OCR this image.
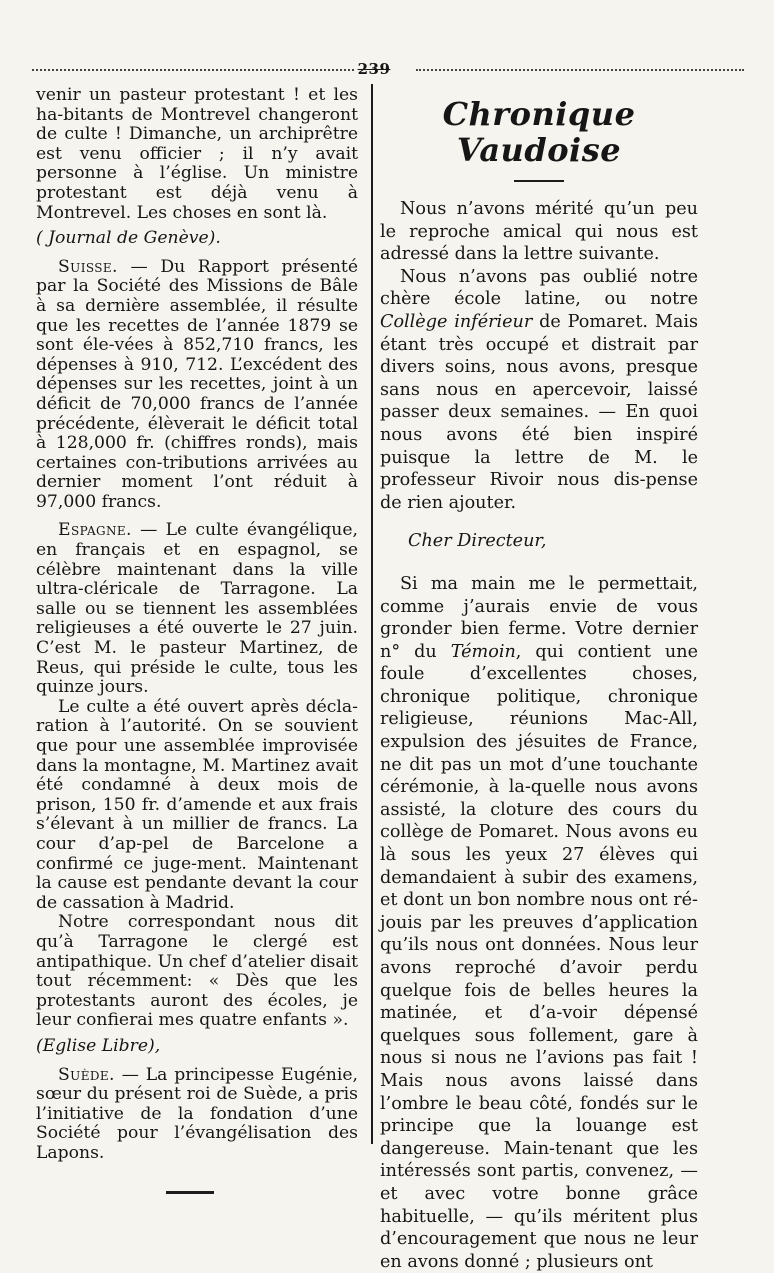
239

venir un pasteur protestant ! et les ha-bitants de Montrevel changeront de culte ! Dimanche, un archiprêtre est venu officier ; il n’y avait personne à l’église. Un ministre protestant est déjà venu à Montrevel. Les choses en sont là.

( Journal de Genève).

Suisse. — Du Rapport présenté par la Société des Missions de Bâle à sa dernière assemblée, il résulte que les recettes de l’année 1879 se sont éle-vées à 852,710 francs, les dépenses à 910, 712. L’excédent des dépenses sur les recettes, joint à un déficit de 70,000 francs de l’année précédente, élèverait le déficit total à 128,000 fr. (chiffres ronds), mais certaines con-tributions arrivées au dernier moment l’ont réduit à 97,000 francs.

Espagne. — Le culte évangélique, en français et en espagnol, se célèbre maintenant dans la ville ultra-cléricale de Tarragone. La salle ou se tiennent les assemblées religieuses a été ouverte le 27 juin. C’est M. le pasteur Martinez, de Reus, qui préside le culte, tous les quinze jours.

Le culte a été ouvert après décla-ration à l’autorité. On se souvient que pour une assemblée improvisée dans la montagne, M. Martinez avait été condamné à deux mois de prison, 150 fr. d’amende et aux frais s’élevant à un millier de francs. La cour d’ap-pel de Barcelone a confirmé ce juge-ment. Maintenant la cause est pendante devant la cour de cassation à Madrid.

Notre correspondant nous dit qu’à Tarragone le clergé est antipathique. Un chef d’atelier disait tout récemment: « Dès que les protestants auront des écoles, je leur confierai mes quatre enfants ».

(Eglise Libre),

Suède. — La principesse Eugénie, sœur du présent roi de Suède, a pris l’initiative de la fondation d’une Société pour l’évangélisation des Lapons.

Chronique Vaudoise

Nous n’avons mérité qu’un peu le reproche amical qui nous est adressé dans la lettre suivante.

Nous n’avons pas oublié notre chère école latine, ou notre Collège inférieur de Pomaret. Mais étant très occupé et distrait par divers soins, nous avons, presque sans nous en apercevoir, laissé passer deux semaines. — En quoi nous avons été bien inspiré puisque la lettre de M. le professeur Rivoir nous dis-pense de rien ajouter.

Cher Directeur,

Si ma main me le permettait, comme j’aurais envie de vous gronder bien ferme. Votre dernier n° du Témoin, qui contient une foule d’excellentes choses, chronique politique, chronique religieuse, réunions Mac-All, expulsion des jésuites de France, ne dit pas un mot d’une touchante cérémonie, à la-quelle nous avons assisté, la cloture des cours du collège de Pomaret. Nous avons eu là sous les yeux 27 élèves qui demandaient à subir des examens, et dont un bon nombre nous ont ré-jouis par les preuves d’application qu’ils nous ont données. Nous leur avons reproché d’avoir perdu quelque fois de belles heures la matinée, et d’a-voir dépensé quelques sous follement, gare à nous si nous ne l’avions pas fait ! Mais nous avons laissé dans l’ombre le beau côté, fondés sur le principe que la louange est dangereuse. Main-tenant que les intéressés sont partis, convenez, — et avec votre bonne grâce habituelle, — qu’ils méritent plus d’encouragement que nous ne leur en avons donné ; plusieurs ont
